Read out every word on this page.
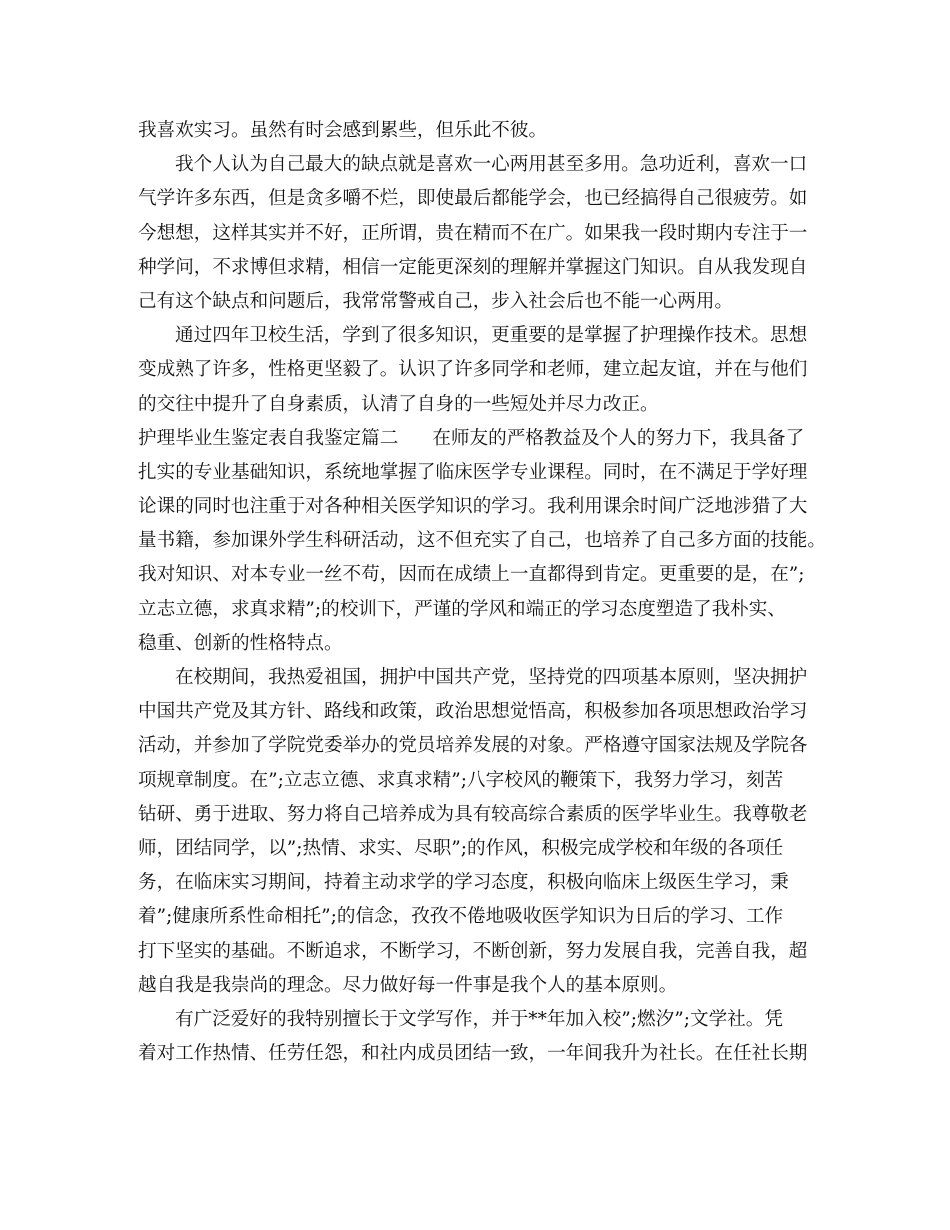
我喜欢实习。虽然有时会感到累些，但乐此不彼。
我个人认为自己最大的缺点就是喜欢一心两用甚至多用。急功近利，喜欢一口
气学许多东西，但是贪多嚼不烂，即使最后都能学会，也已经搞得自己很疲劳。如
今想想，这样其实并不好，正所谓，贵在精而不在广。如果我一段时期内专注于一
种学问，不求博但求精，相信一定能更深刻的理解并掌握这门知识。自从我发现自
己有这个缺点和问题后，我常常警戒自己，步入社会后也不能一心两用。
通过四年卫校生活，学到了很多知识，更重要的是掌握了护理操作技术。思想
变成熟了许多，性格更坚毅了。认识了许多同学和老师，建立起友谊，并在与他们
的交往中提升了自身素质，认清了自身的一些短处并尽力改正。
护理毕业生鉴定表自我鉴定篇二 在师友的严格教益及个人的努力下，我具备了
扎实的专业基础知识，系统地掌握了临床医学专业课程。同时，在不满足于学好理
论课的同时也注重于对各种相关医学知识的学习。我利用课余时间广泛地涉猎了大
量书籍，参加课外学生科研活动，这不但充实了自己，也培养了自己多方面的技能。
我对知识、对本专业一丝不苟，因而在成绩上一直都得到肯定。更重要的是，在”;
立志立德，求真求精”;的校训下，严谨的学风和端正的学习态度塑造了我朴实、
稳重、创新的性格特点。
在校期间，我热爱祖国，拥护中国共产党，坚持党的四项基本原则，坚决拥护
中国共产党及其方针、路线和政策，政治思想觉悟高，积极参加各项思想政治学习
活动，并参加了学院党委举办的党员培养发展的对象。严格遵守国家法规及学院各
项规章制度。在”;立志立德、求真求精”;八字校风的鞭策下，我努力学习，刻苦
钻研、勇于进取、努力将自己培养成为具有较高综合素质的医学毕业生。我尊敬老
师，团结同学，以”;热情、求实、尽职”;的作风，积极完成学校和年级的各项任
务，在临床实习期间，持着主动求学的学习态度，积极向临床上级医生学习，秉
着”;健康所系性命相托”;的信念，孜孜不倦地吸收医学知识为日后的学习、工作
打下坚实的基础。不断追求，不断学习，不断创新，努力发展自我，完善自我，超
越自我是我崇尚的理念。尽力做好每一件事是我个人的基本原则。
有广泛爱好的我特别擅长于文学写作，并于**年加入校”;燃汐”;文学社。凭
着对工作热情、任劳任怨，和社内成员团结一致，一年间我升为社长。在任社长期
